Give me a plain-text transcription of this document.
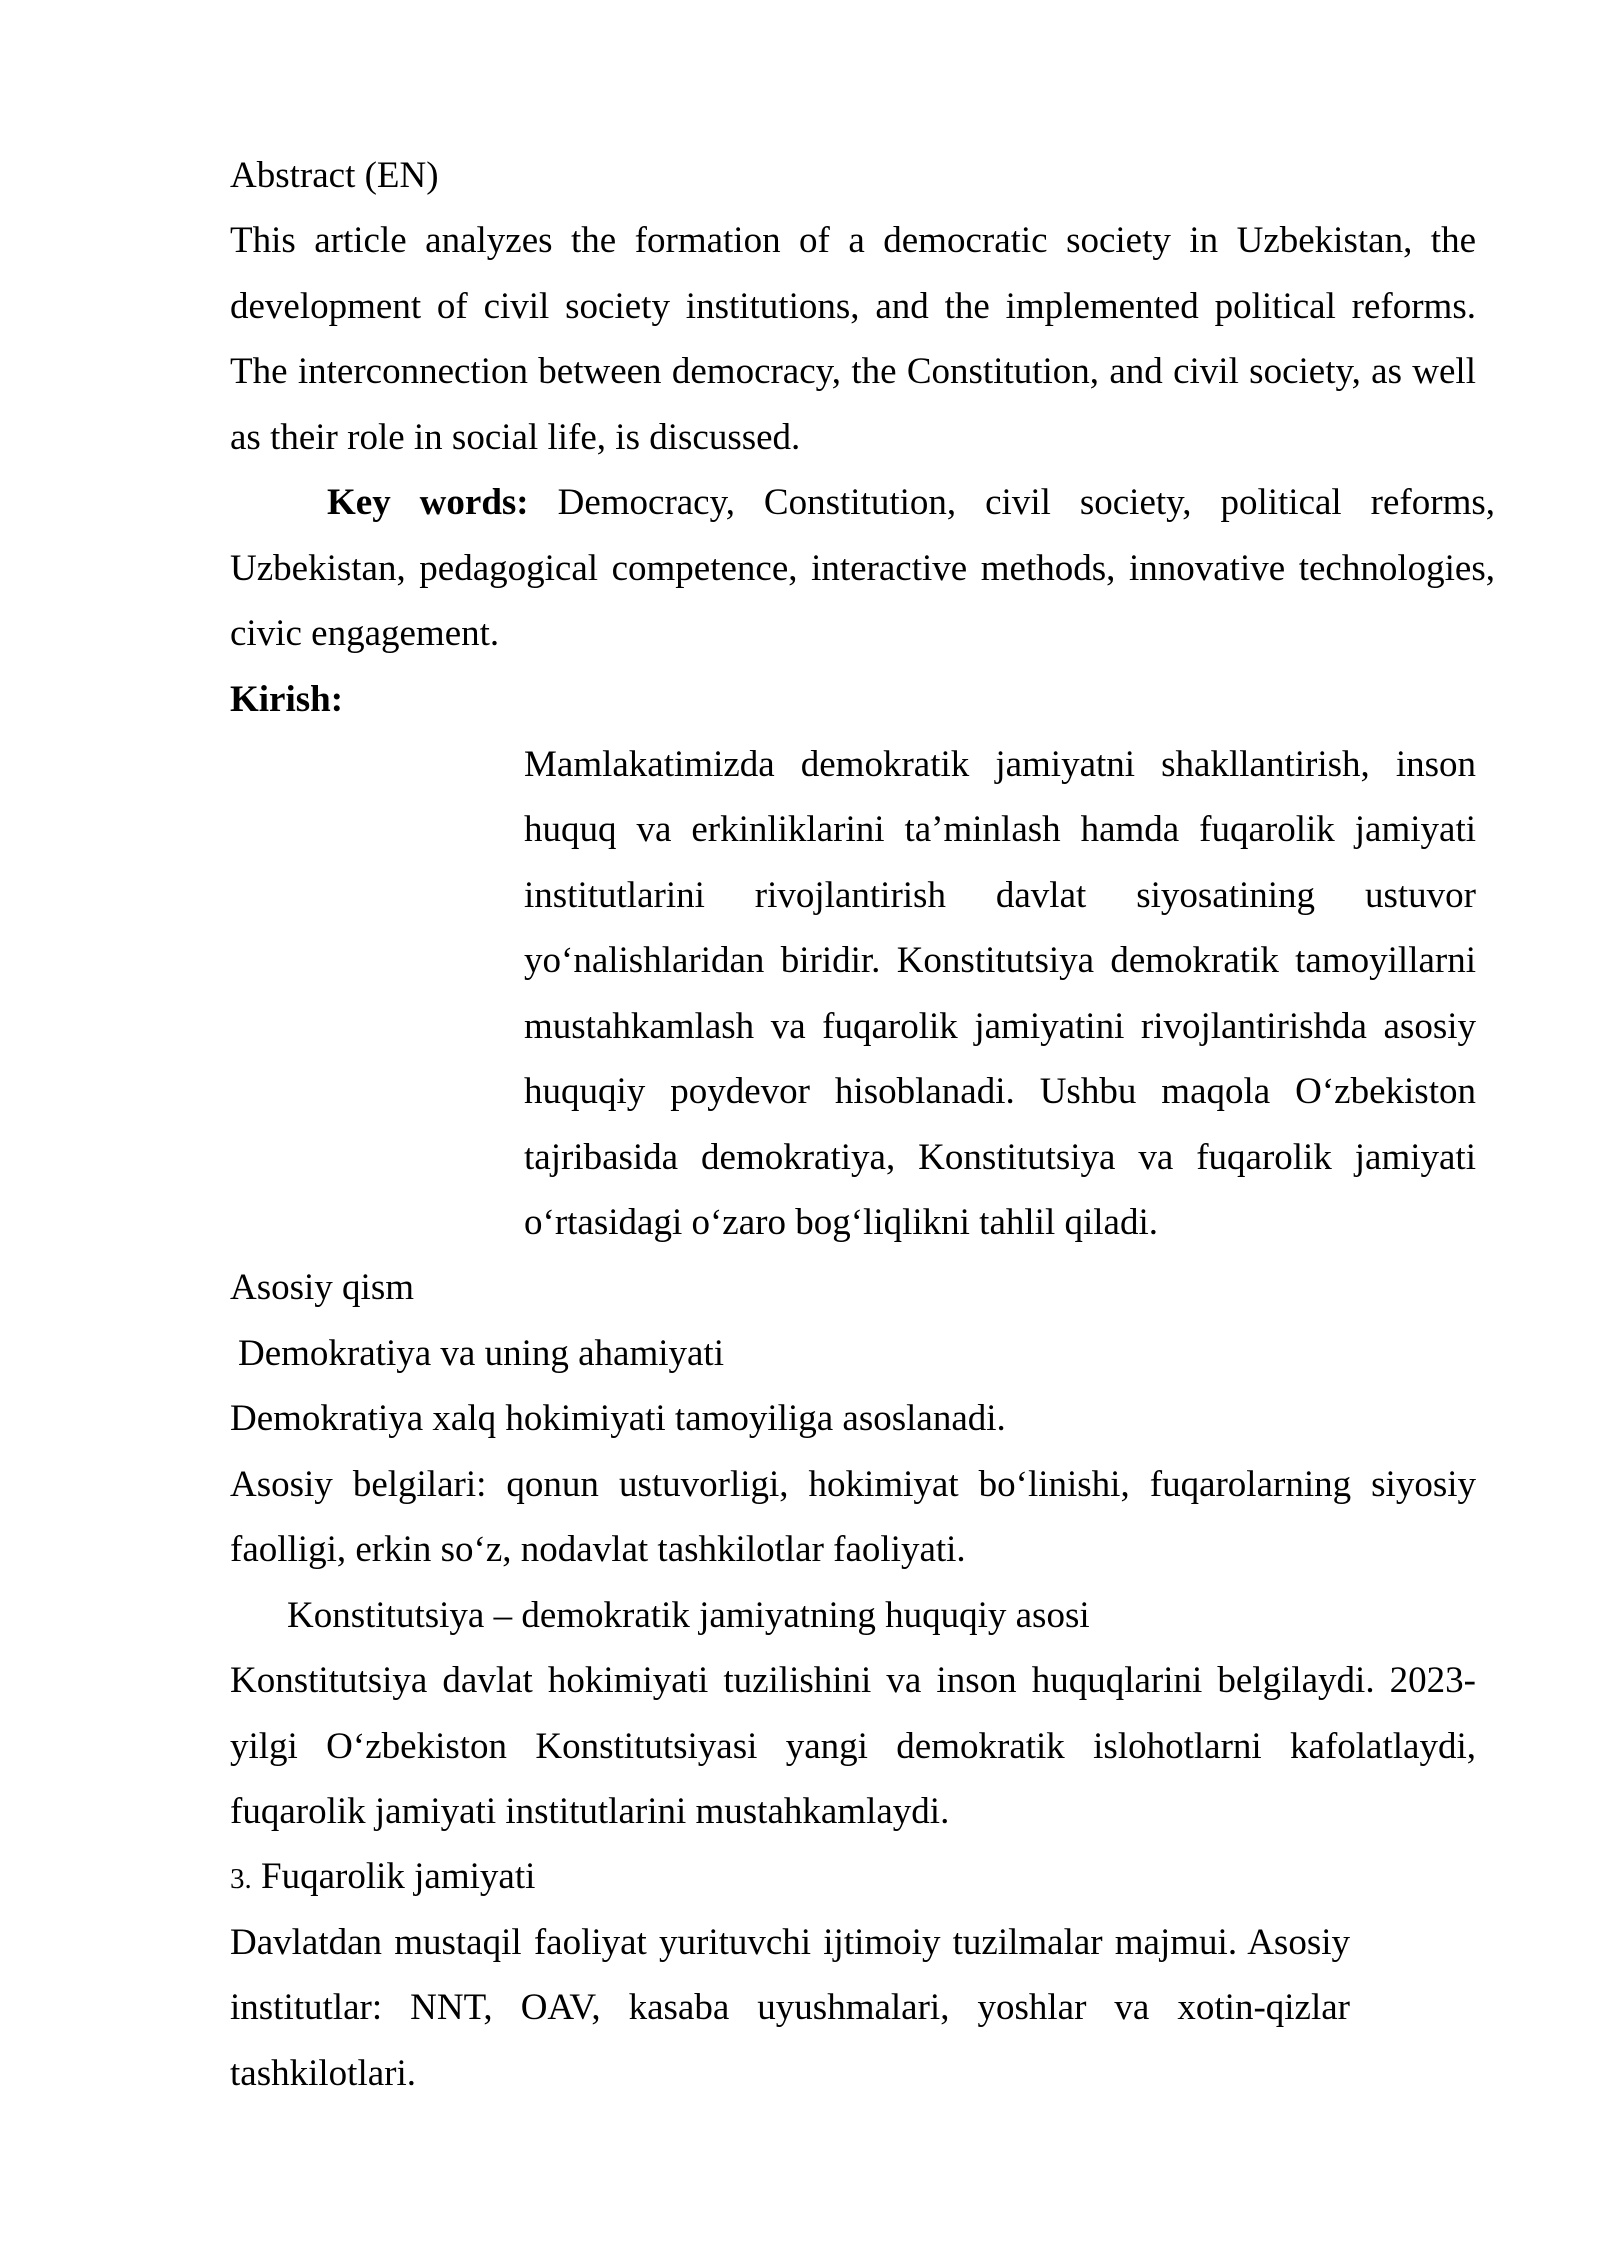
Abstract (EN)
This article analyzes the formation of a democratic society in Uzbekistan, the
development of civil society institutions, and the implemented political reforms.
The interconnection between democracy, the Constitution, and civil society, as well
as their role in social life, is discussed.
Key words: Democracy, Constitution, civil society, political reforms,
Uzbekistan, pedagogical competence, interactive methods, innovative technologies,
civic engagement.
Kirish:
Mamlakatimizda demokratik jamiyatni shakllantirish, inson
huquq va erkinliklarini ta’minlash hamda fuqarolik jamiyati
institutlarini rivojlantirish davlat siyosatining ustuvor
yo‘nalishlaridan biridir. Konstitutsiya demokratik tamoyillarni
mustahkamlash va fuqarolik jamiyatini rivojlantirishda asosiy
huquqiy poydevor hisoblanadi. Ushbu maqola O‘zbekiston
tajribasida demokratiya, Konstitutsiya va fuqarolik jamiyati
o‘rtasidagi o‘zaro bog‘liqlikni tahlil qiladi.
Asosiy qism
Demokratiya va uning ahamiyati
Demokratiya xalq hokimiyati tamoyiliga asoslanadi.
Asosiy belgilari: qonun ustuvorligi, hokimiyat bo‘linishi, fuqarolarning siyosiy
faolligi, erkin so‘z, nodavlat tashkilotlar faoliyati.
Konstitutsiya – demokratik jamiyatning huquqiy asosi
Konstitutsiya davlat hokimiyati tuzilishini va inson huquqlarini belgilaydi. 2023-
yilgi O‘zbekiston Konstitutsiyasi yangi demokratik islohotlarni kafolatlaydi,
fuqarolik jamiyati institutlarini mustahkamlaydi.
3. Fuqarolik jamiyati
Davlatdan mustaqil faoliyat yurituvchi ijtimoiy tuzilmalar majmui. Asosiy
institutlar: NNT, OAV, kasaba uyushmalari, yoshlar va xotin-qizlar
tashkilotlari.
